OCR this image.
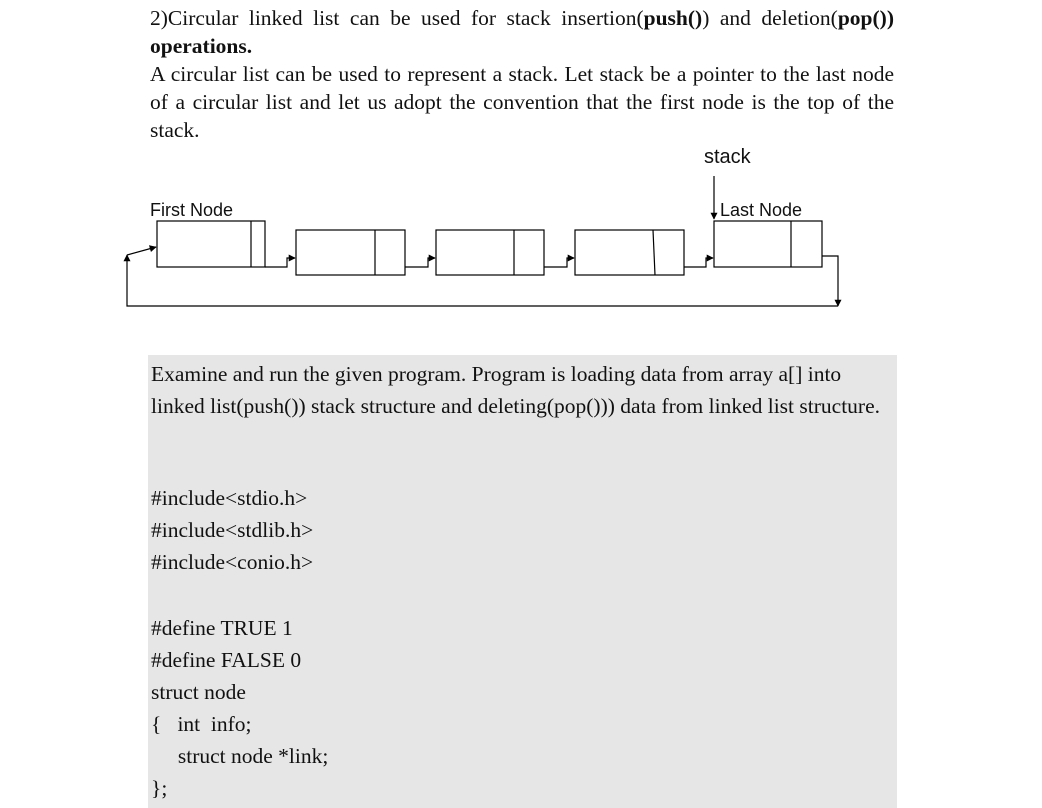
2)Circular linked list can be used for stack insertion(push()) and deletion(pop()) operations.
A circular list can be used to represent a stack. Let stack be a pointer to the last node of a circular list and let us adopt the convention that the first node is the top of the stack.
stack
First Node	Last Node
Examine and run the given program. Program is loading data from array a[] into linked list(push()) stack structure and deleting(pop())) data from linked list structure.
#include<stdio.h>
#include<stdlib.h>
#include<conio.h>
#define TRUE 1
#define FALSE 0
struct node
{   int  info;
struct node *link;
};
